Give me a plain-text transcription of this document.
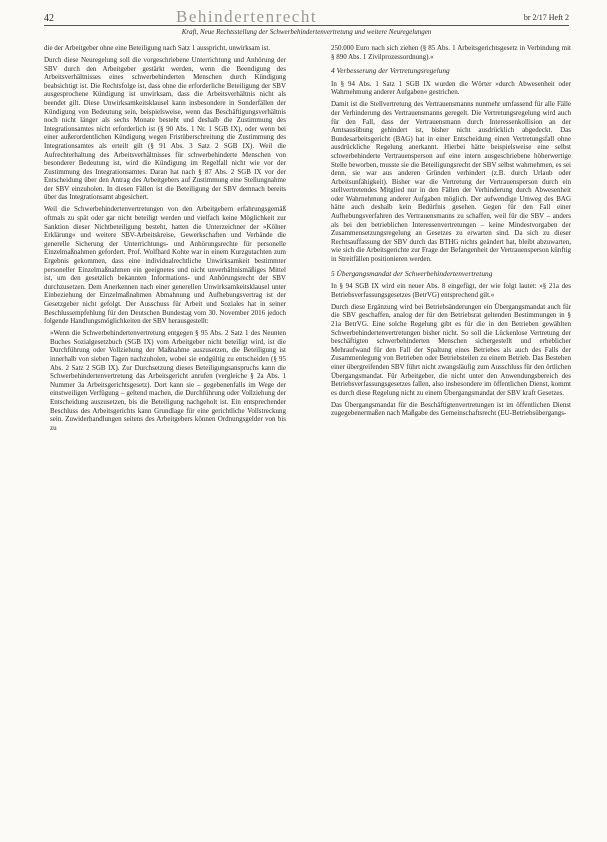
42	Behindertenrecht	br 2/17 Heft 2
Kraft, Neue Rechtsstellung der Schwerbehindertenvertretung und weitere Neuregelungen

die der Arbeitgeber ohne eine Beteiligung nach Satz 1 ausspricht, unwirksam ist.

Durch diese Neuregelung soll die vorgeschriebene Unterrichtung und Anhörung der SBV durch den Arbeitgeber gestärkt werden, wenn die Beendigung des Arbeitsverhältnisses eines schwerbehinderten Menschen durch Kündigung beabsichtigt ist. Die Rechtsfolge ist, dass ohne die erforderliche Beteiligung der SBV ausgesprochene Kündigung ist unwirksam, dass die Arbeitsverhältnis nicht als beendet gilt. Diese Unwirksamkeitsklausel kann insbesondere in Sonderfällen der Kündigung von Bedeutung sein, beispielsweise, wenn das Beschäftigungsverhältnis noch nicht länger als sechs Monate besteht und deshalb die Zustimmung des Integrationsamtes nicht erforderlich ist (§ 90 Abs. 1 Nr. 1 SGB IX), oder wenn bei einer außerordentlichen Kündigung wegen Fristüberschreitung die Zustimmung des Integrationsamtes als erteilt gilt (§ 91 Abs. 3 Satz 2 SGB IX). Weil die Aufrechterhaltung des Arbeitsverhältnisses für schwerbehinderte Menschen von besonderer Bedeutung ist, wird die Kündigung im Regelfall nicht wie vor der Zustimmung des Integrationsamtes. Daran hat nach § 87 Abs. 2 SGB IX vor der Entscheidung über den Antrag des Arbeitgebers auf Zustimmung eine Stellungnahme der SBV einzuholen. In diesen Fällen ist die Beteiligung der SBV demnach bereits über das Integrationsamt abgesichert.

Weil die Schwerbehindertenvertretungen von den Arbeitgebern erfahrungsgemäß oftmals zu spät oder gar nicht beteiligt werden und vielfach keine Möglichkeit zur Sanktion dieser Nichtbeteiligung besteht, hatten die Unterzeichner der »Kölner Erklärung« und weitere SBV-Arbeitskreise, Gewerkschaften und Verbände die generelle Sicherung der Unterrichtungs- und Anhörungsrechte für personelle Einzelmaßnahmen gefordert. Prof. Wolfhard Kohte war in einem Kurzgutachten zum Ergebnis gekommen, dass eine individualrechtliche Unwirksamkeit bestimmter personeller Einzelmaßnahmen ein geeignetes und nicht unverhältnismäßiges Mittel ist, um den gesetzlich bekannten Informations- und Anhörungsrecht der SBV durchzusetzen. Dem Anerkennen nach einer generellen Unwirksamkeitsklausel unter Einbeziehung der Einzelmaßnahmen Abmahnung und Aufhebungsvertrag ist der Gesetzgeber nicht gefolgt. Der Ausschuss für Arbeit und Soziales hat in seiner Beschlussempfehlung für den Deutschen Bundestag vom 30. November 2016 jedoch folgende Handlungsmöglichkeiten der SBV herausgestellt:

»Wenn die Schwerbehindertenvertretung entgegen § 95 Abs. 2 Satz 1 des Neunten Buches Sozialgesetzbuch (SGB IX) vom Arbeitgeber nicht beteiligt wird, ist die Durchführung oder Vollziehung der Maßnahme auszusetzen, die Beteiligung ist innerhalb von sieben Tagen nachzuholen, wobei sie endgültig zu entscheiden (§ 95 Abs. 2 Satz 2 SGB IX). Zur Durchsetzung dieses Beteiligungsanspruchs kann die Schwerbehindertenvertretung das Arbeitsgericht anrufen (vergleiche § 2a Abs. 1 Nummer 3a Arbeitsgerichtsgesetz). Dort kann sie – gegebenenfalls im Wege der einstweiligen Verfügung – geltend machen, die Durchführung oder Vollziehung der Entscheidung auszusetzen, bis die Beteiligung nachgeholt ist. Ein entsprechender Beschluss des Arbeitsgerichts kann Grundlage für eine gerichtliche Vollstreckung sein. Zuwiderhandlungen seitens des Arbeitgebers können Ordnungsgelder von bis zu

250.000 Euro nach sich ziehen (§ 85 Abs. 1 Arbeitsgerichtsgesetz in Verbindung mit § 890 Abs. 1 Zivilprozessordnung).«

4 Verbesserung der Vertretungsregelung

In § 94 Abs. 1 Satz 1 SGB IX wurden die Wörter »durch Abwesenheit oder Wahrnehmung anderer Aufgaben« gestrichen.

Damit ist die Stellvertretung des Vertrauensmanns nunmehr umfassend für alle Fälle der Verhinderung des Vertrauensmanns geregelt. Die Vertretungsregelung wird auch für den Fall, dass der Vertrauensmann durch Interessenkollision an der Amtsausübung gehindert ist, bisher nicht ausdrücklich abgedeckt. Das Bundesarbeitsgericht (BAG) hat in einer Entscheidung einen Vertretungsfall ohne ausdrückliche Regelung anerkannt. Hierbei hätte beispielsweise eine selbst schwerbehinderte Vertrauensperson auf eine intern ausgeschriebene höherwertige Stelle beworben, musste sie die Beteiligungsrecht der SBV selbst wahrnehmen, es sei denn, sie war aus anderen Gründen verhindert (z.B. durch Urlaub oder Arbeitsunfähigkeit). Bisher war die Vertretung der Vertrauensperson durch ein stellvertretendes Mitglied nur in den Fällen der Verhinderung durch Abwesenheit oder Wahrnehmung anderer Aufgaben möglich. Der aufwendige Umweg des BAG hätte auch deshalb kein Bedürfnis gesehen. Gegen für den Fall einer Aufhebungsverfahren des Vertrauensmanns zu schaffen, weil für die SBV – anders als bei den betrieblichen Interessenvertretungen – keine Mindestvorgaben der Zusammensetzungsregelung an Gesetzes zu erwarten sind. Da sich zu dieser Rechtsauffassung der SBV durch das BTHG nichts geändert hat, bleibt abzuwarten, wie sich die Arbeitsgerichte zur Frage der Befangenheit der Vertrauensperson künftig in Streitfällen positionieren werden.

5 Übergangsmandat der Schwerbehindertenvertretung

In § 94 SGB IX wird ein neuer Abs. 8 eingefügt, der wie folgt lautet: »§ 21a des Betriebsverfassungsgesetzes (BetrVG) entsprechend gilt.«

Durch diese Ergänzung wird bei Betriebsänderungen ein Übergangsmandat auch für die SBV geschaffen, analog der für den Betriebsrat geltenden Bestimmungen in § 21a BetrVG. Eine solche Regelung gibt es für die in den Betrieben gewählten Schwerbehindertenvertretungen bisher nicht. So soll die Lückenlose Vertretung der beschäftigten schwerbehinderten Menschen sichergestellt und erheblicher Mehraufwand für den Fall der Spaltung eines Betriebes als auch des Falls der Zusammenlegung von Betrieben oder Betriebsteilen zu einem Betrieb. Das Bestehen einer übergreifenden SBV führt nicht zwangsläufig zum Ausschluss für den örtlichen Übergangsmandat. Für Arbeitgeber, die nicht unter den Anwendungsbereich des Betriebsverfassungsgesetzes fallen, also insbesondere im öffentlichen Dienst, kommt es durch diese Regelung nicht zu einem Übergangsmandat der SBV kraft Gesetzes.

Das Übergangsmandat für die Beschäftigtenvertretungen ist im öffentlichen Dienst zugegebenermaßen nach Maßgabe des Gemeinschaftsrecht (EU-Betriebsübergangs-
